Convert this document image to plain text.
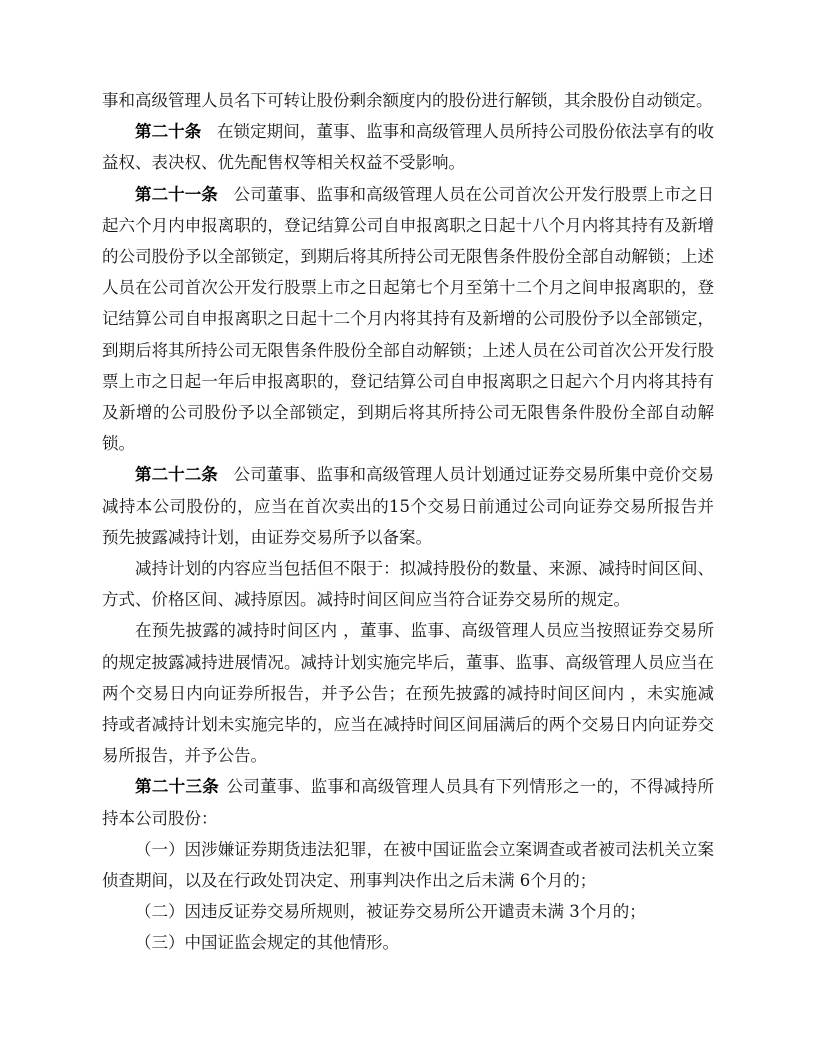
事和高级管理人员名下可转让股份剩余额度内的股份进行解锁，其余股份自动锁定。

第二十条 在锁定期间，董事、监事和高级管理人员所持公司股份依法享有的收益权、表决权、优先配售权等相关权益不受影响。

第二十一条 公司董事、监事和高级管理人员在公司首次公开发行股票上市之日起六个月内申报离职的，登记结算公司自申报离职之日起十八个月内将其持有及新增的公司股份予以全部锁定，到期后将其所持公司无限售条件股份全部自动解锁；上述人员在公司首次公开发行股票上市之日起第七个月至第十二个月之间申报离职的，登记结算公司自申报离职之日起十二个月内将其持有及新增的公司股份予以全部锁定，到期后将其所持公司无限售条件股份全部自动解锁；上述人员在公司首次公开发行股票上市之日起一年后申报离职的，登记结算公司自申报离职之日起六个月内将其持有及新增的公司股份予以全部锁定，到期后将其所持公司无限售条件股份全部自动解锁。

第二十二条 公司董事、监事和高级管理人员计划通过证券交易所集中竞价交易减持本公司股份的，应当在首次卖出的15个交易日前通过公司向证券交易所报告并预先披露减持计划，由证券交易所予以备案。

减持计划的内容应当包括但不限于：拟减持股份的数量、来源、减持时间区间、方式、价格区间、减持原因。减持时间区间应当符合证券交易所的规定。

在预先披露的减持时间区内 ，董事、监事、高级管理人员应当按照证券交易所的规定披露减持进展情况。减持计划实施完毕后，董事、监事、高级管理人员应当在两个交易日内向证券所报告，并予公告；在预先披露的减持时间区间内 ，未实施减持或者减持计划未实施完毕的，应当在减持时间区间届满后的两个交易日内向证券交易所报告，并予公告。

第二十三条 公司董事、监事和高级管理人员具有下列情形之一的，不得减持所持本公司股份：

（一）因涉嫌证券期货违法犯罪，在被中国证监会立案调查或者被司法机关立案侦查期间，以及在行政处罚决定、刑事判决作出之后未满 6个月的；

（二）因违反证券交易所规则，被证券交易所公开谴责未满 3个月的；

（三）中国证监会规定的其他情形。
